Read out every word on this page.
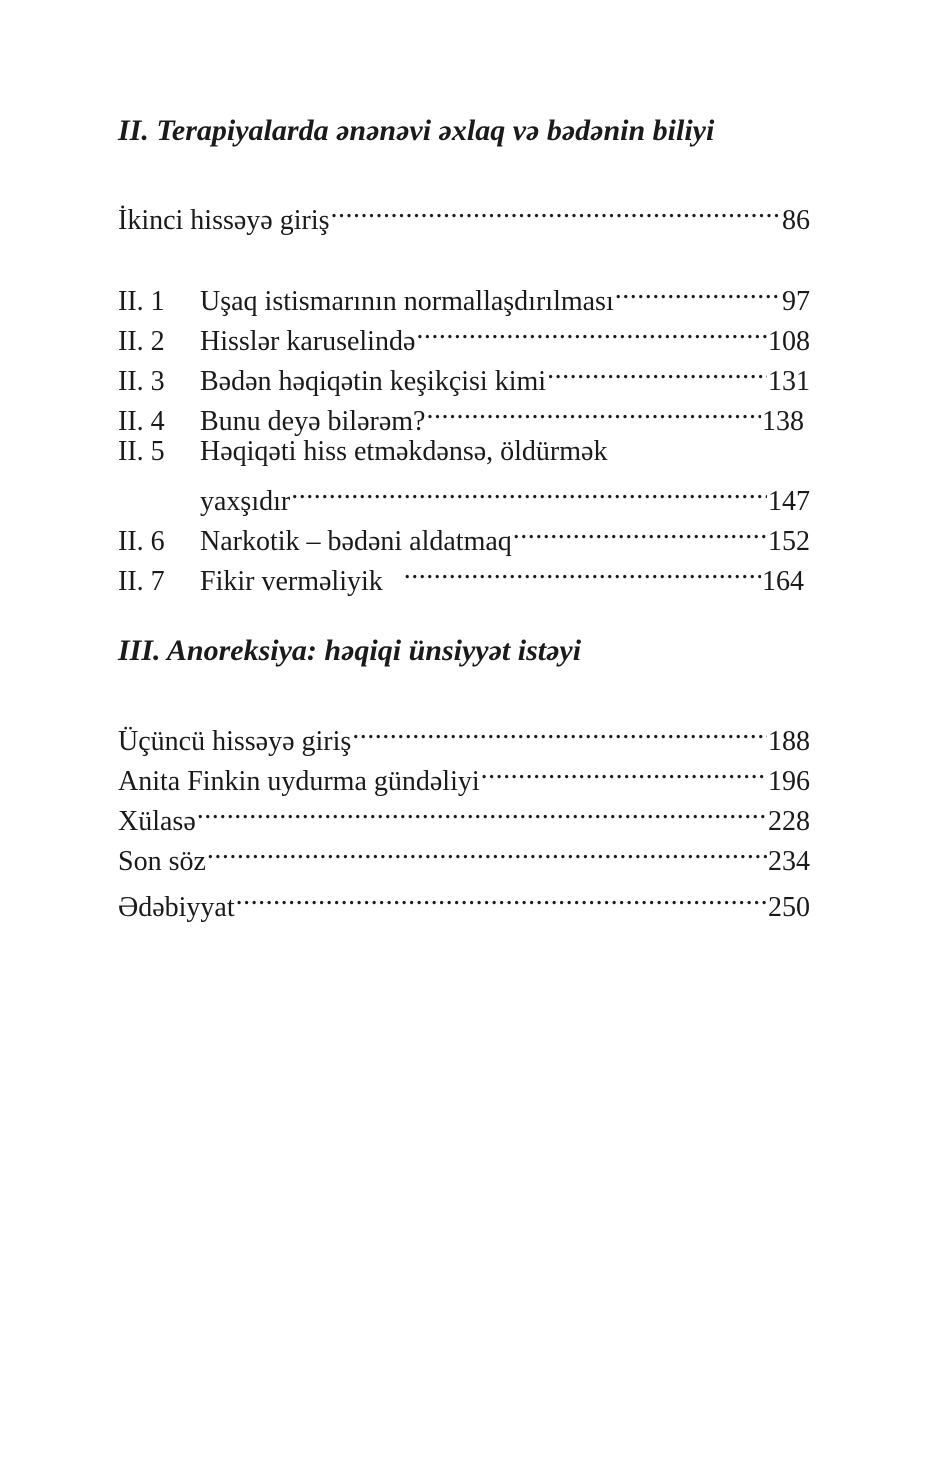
II. Terapiyalarda ənənəvi əxlaq və bədənin biliyi
İkinci hissəyə giriş .....	86
II. 1	Uşaq istismarının normallaşdırılması .....	97
II. 2	Hisslər karuselində .....	108
II. 3	Bədən həqiqətin keşikçisi kimi .....	131
II. 4	Bunu deyə bilərəm? .....	138
II. 5 Həqiqəti hiss etməkdənsə, öldürmək
yaxşıdır .....	147
II. 6	Narkotik – bədəni aldatmaq .....	152
II. 7	Fikir verməliyik .....	164
III. Anoreksiya: həqiqi ünsiyyət istəyi
Üçüncü hissəyə giriş .....	188
Anita Finkin uydurma gündəliyi .....	196
Xülasə .....	228
Son söz .....	234
Ədəbiyyat .....	250
